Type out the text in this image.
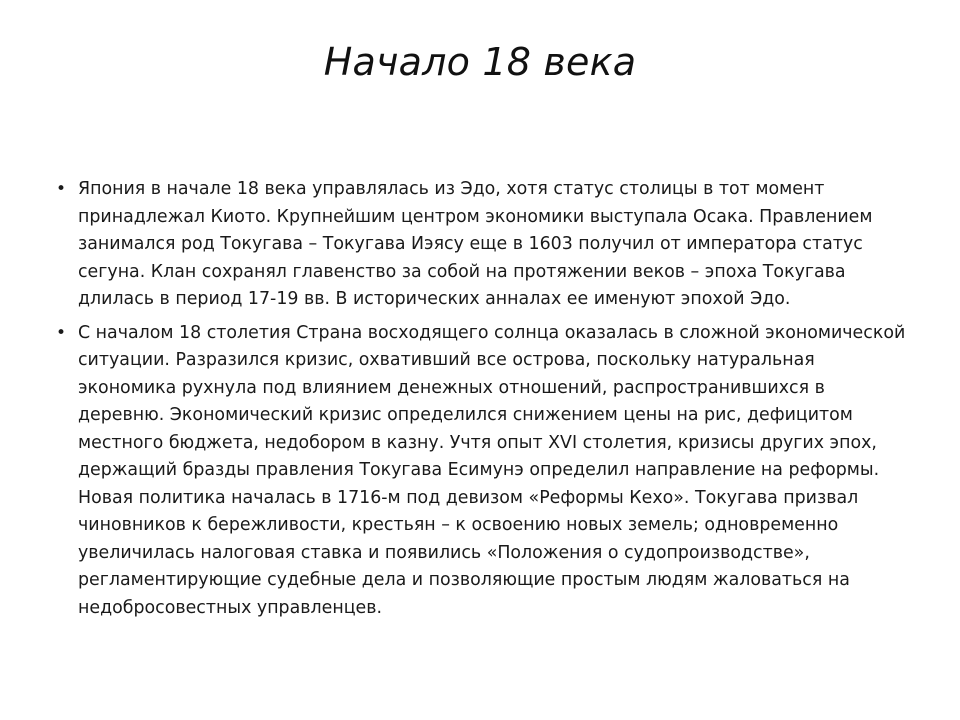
Начало 18 века
• Япония в начале 18 века управлялась из Эдо, хотя статус столицы в тот момент принадлежал Киото. Крупнейшим центром экономики выступала Осака. Правлением занимался род Токугава – Токугава Иэясу еще в 1603 получил от императора статус сегуна. Клан сохранял главенство за собой на протяжении веков – эпоха Токугава длилась в период 17-19 вв. В исторических анналах ее именуют эпохой Эдо.
• С началом 18 столетия Страна восходящего солнца оказалась в сложной экономической ситуации. Разразился кризис, охвативший все острова, поскольку натуральная экономика рухнула под влиянием денежных отношений, распространившихся в деревню. Экономический кризис определился снижением цены на рис, дефицитом местного бюджета, недобором в казну. Учтя опыт XVI столетия, кризисы других эпох, держащий бразды правления Токугава Есимунэ определил направление на реформы. Новая политика началась в 1716-м под девизом «Реформы Кехо». Токугава призвал чиновников к бережливости, крестьян – к освоению новых земель; одновременно увеличилась налоговая ставка и появились «Положения о судопроизводстве», регламентирующие судебные дела и позволяющие простым людям жаловаться на недобросовестных управленцев.
